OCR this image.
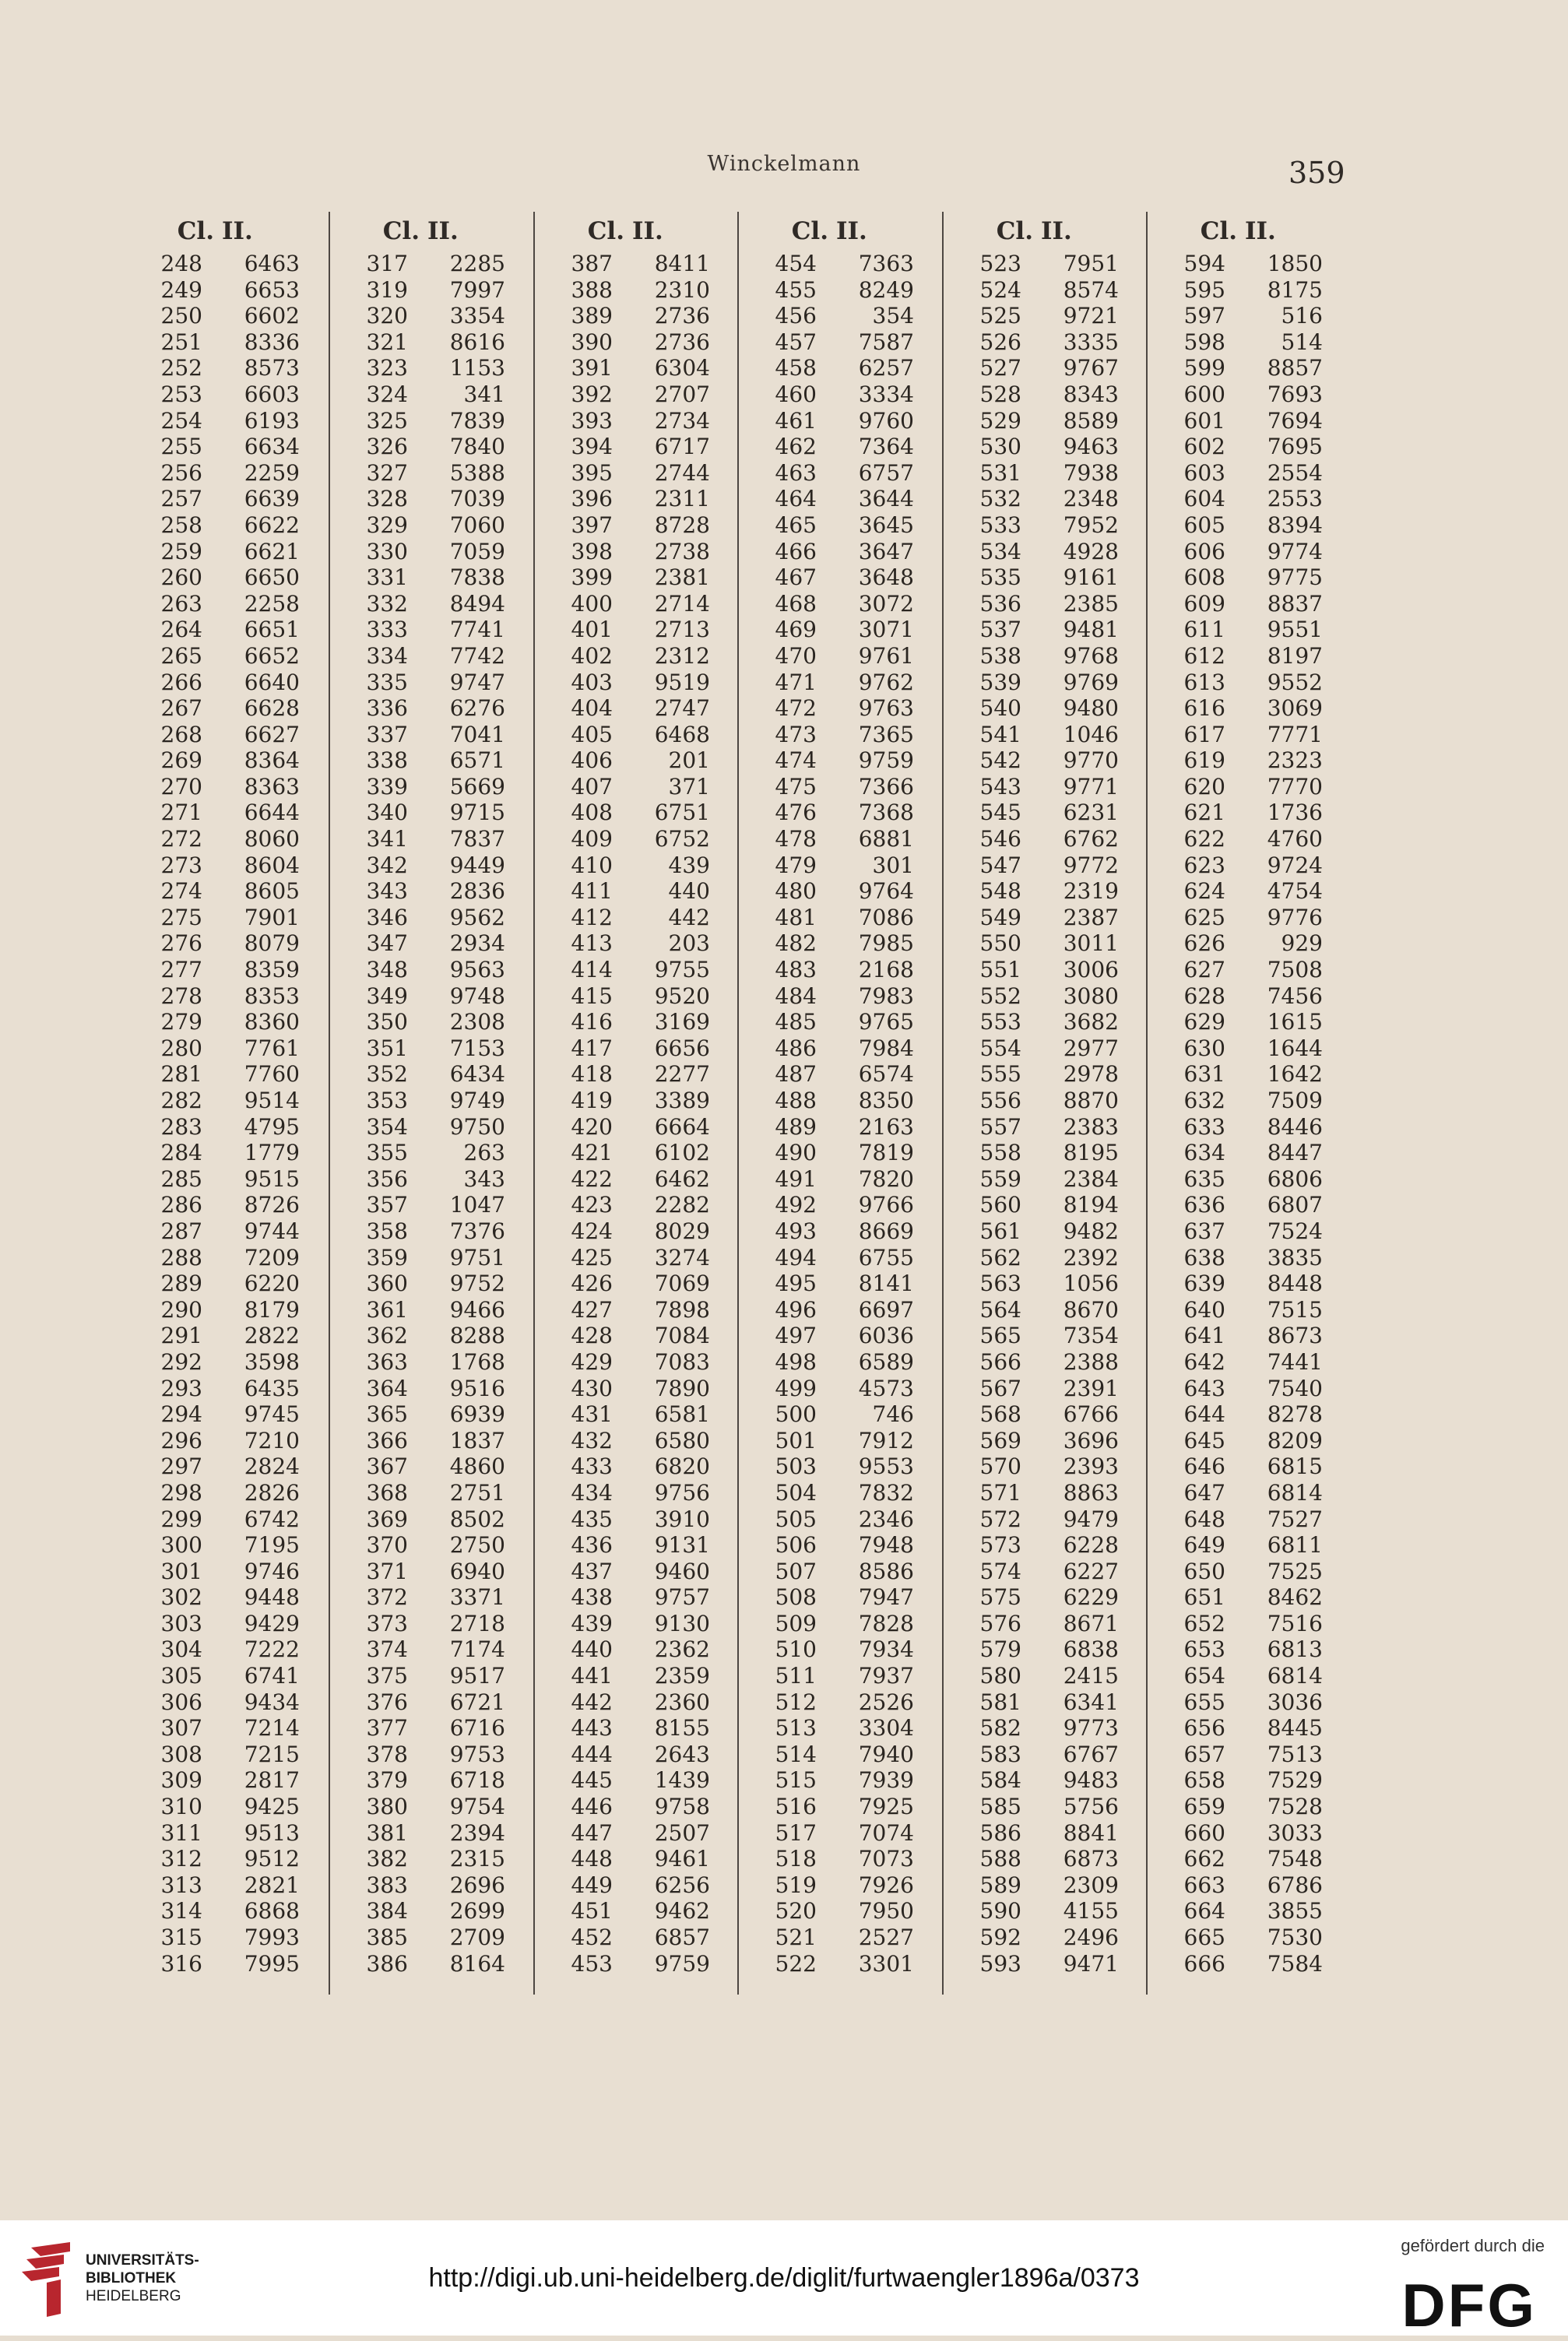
Winckelmann	359
Cl. II.
248 6463
249 6653
250 6602
251 8336
252 8573
253 6603
254 6193
255 6634
256 2259
257 6639
258 6622
259 6621
260 6650
263 2258
264 6651
265 6652
266 6640
267 6628
268 6627
269 8364
270 8363
271 6644
272 8060
273 8604
274 8605
275 7901
276 8079
277 8359
278 8353
279 8360
280 7761
281 7760
282 9514
283 4795
284 1779
285 9515
286 8726
287 9744
288 7209
289 6220
290 8179
291 2822
292 3598
293 6435
294 9745
296 7210
297 2824
298 2826
299 6742
300 7195
301 9746
302 9448
303 9429
304 7222
305 6741
306 9434
307 7214
308 7215
309 2817
310 9425
311 9513
312 9512
313 2821
314 6868
315 7993
316 7995
Cl. II.
317 2285
319 7997
320 3354
321 8616
323 1153
324	341
325 7839
326 7840
327 5388
328 7039
329 7060
330 7059
331 7838
332 8494
333 7741
334 7742
335 9747
336 6276
337 7041
338 6571
339 5669
340 9715
341 7837
342 9449
343 2836
346 9562
347 2934
348 9563
349 9748
350 2308
351 7153
352 6434
353 9749
354 9750
355	263
356	343
357 1047
358 7376
359 9751
360 9752
361 9466
362 8288
363 1768
364 9516
365 6939
366 1837
367 4860
368 2751
369 8502
370 2750
371 6940
372 3371
373 2718
374 7174
375 9517
376 6721
377 6716
378 9753
379 6718
380 9754
381 2394
382 2315
383 2696
384 2699
385 2709
386 8164
Cl. II.
387 8411
388 2310
389 2736
390 2736
391 6304
392 2707
393 2734
394 6717
395 2744
396 2311
397 8728
398 2738
399 2381
400 2714
401 2713
402 2312
403 9519
404 2747
405 6468
406	201
407	371
408 6751
409 6752
410	439
411	440
412	442
413	203
414 9755
415 9520
416 3169
417 6656
418 2277
419 3389
420 6664
421 6102
422 6462
423 2282
424 8029
425 3274
426 7069
427 7898
428 7084
429 7083
430 7890
431 6581
432 6580
433 6820
434 9756
435 3910
436 9131
437 9460
438 9757
439 9130
440 2362
441 2359
442 2360
443 8155
444 2643
445 1439
446 9758
447 2507
448 9461
449 6256
451 9462
452 6857
453 9759
Cl. II.
454 7363
455 8249
456	354
457 7587
458 6257
460 3334
461 9760
462 7364
463 6757
464 3644
465 3645
466 3647
467 3648
468 3072
469 3071
470 9761
471 9762
472 9763
473 7365
474 9759
475 7366
476 7368
478 6881
479	301
480 9764
481 7086
482 7985
483 2168
484 7983
485 9765
486 7984
487 6574
488 8350
489 2163
490 7819
491 7820
492 9766
493 8669
494 6755
495 8141
496 6697
497 6036
498 6589
499 4573
500	746
501 7912
503 9553
504 7832
505 2346
506 7948
507 8586
508 7947
509 7828
510 7934
511 7937
512 2526
513 3304
514 7940
515 7939
516 7925
517 7074
518 7073
519 7926
520 7950
521 2527
522 3301
Cl. II.
523 7951
524 8574
525 9721
526 3335
527 9767
528 8343
529 8589
530 9463
531 7938
532 2348
533 7952
534 4928
535 9161
536 2385
537 9481
538 9768
539 9769
540 9480
541 1046
542 9770
543 9771
545 6231
546 6762
547 9772
548 2319
549 2387
550 3011
551 3006
552 3080
553 3682
554 2977
555 2978
556 8870
557 2383
558 8195
559 2384
560 8194
561 9482
562 2392
563 1056
564 8670
565 7354
566 2388
567 2391
568 6766
569 3696
570 2393
571 8863
572 9479
573 6228
574 6227
575 6229
576 8671
579 6838
580 2415
581 6341
582 9773
583 6767
584 9483
585 5756
586 8841
588 6873
589 2309
590 4155
592 2496
593 9471
Cl. II.
594 1850
595 8175
597	516
598	514
599 8857
600 7693
601 7694
602 7695
603 2554
604 2553
605 8394
606 9774
608 9775
609 8837
611 9551
612 8197
613 9552
616 3069
617 7771
619 2323
620 7770
621 1736
622 4760
623 9724
624 4754
625 9776
626	929
627 7508
628 7456
629 1615
630 1644
631 1642
632 7509
633 8446
634 8447
635 6806
636 6807
637 7524
638 3835
639 8448
640 7515
641 8673
642 7441
643 7540
644 8278
645 8209
646 6815
647 6814
648 7527
649 6811
650 7525
651 8462
652 7516
653 6813
654 6814
655 3036
656 8445
657 7513
658 7529
659 7528
660 3033
662 7548
663 6786
664 3855
665 7530
666 7584
UNIVERSITÄTS-
BIBLIOTHEK
HEIDELBERG
http://digi.ub.uni-heidelberg.de/diglit/furtwaengler1896a/0373
gefördert durch die
DFG
